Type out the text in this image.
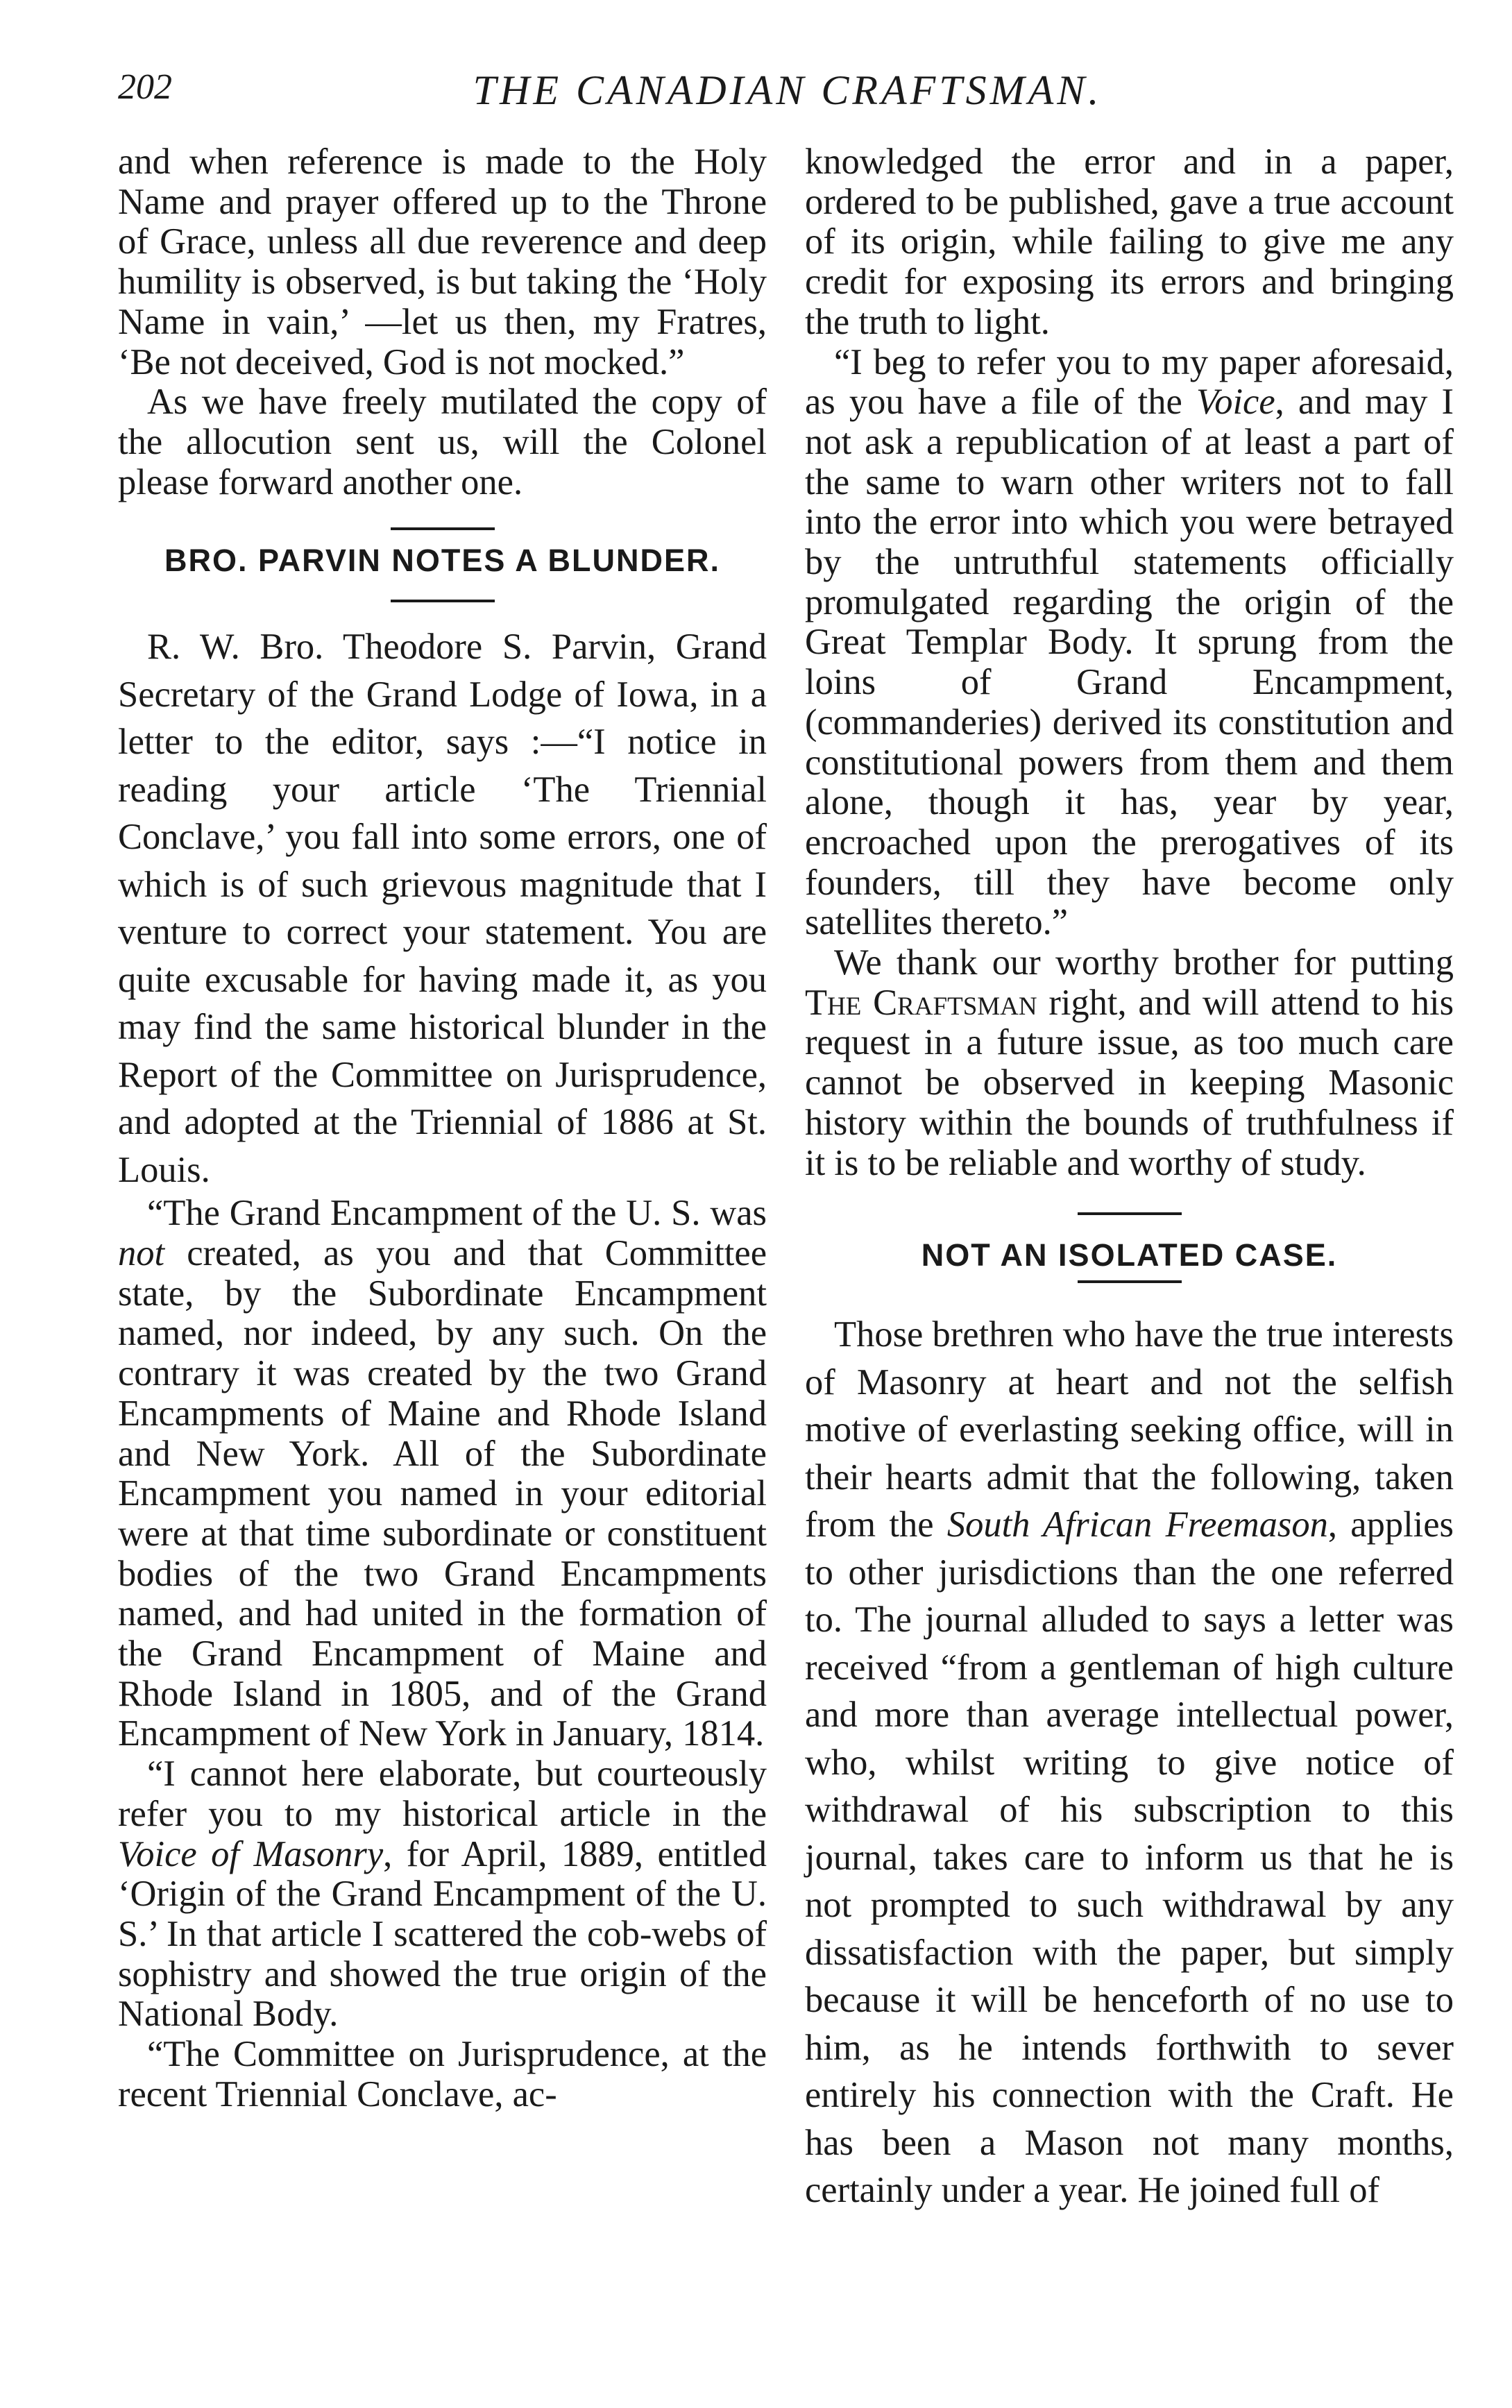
202	THE CANADIAN CRAFTSMAN.

and when reference is made to the Holy Name and prayer offered up to the Throne of Grace, unless all due reverence and deep humility is observed, is but taking the ‘Holy Name in vain,’ —let us then, my Fratres, ‘Be not deceived, God is not mocked.”

As we have freely mutilated the copy of the allocution sent us, will the Colonel please forward another one.

BRO. PARVIN NOTES A BLUNDER.

R. W. Bro. Theodore S. Parvin, Grand Secretary of the Grand Lodge of Iowa, in a letter to the editor, says :—“I notice in reading your article ‘The Triennial Conclave,’ you fall into some errors, one of which is of such grievous magnitude that I venture to correct your statement. You are quite excusable for having made it, as you may find the same historical blunder in the Report of the Committee on Jurisprudence, and adopted at the Triennial of 1886 at St. Louis.

“The Grand Encampment of the U. S. was not created, as you and that Committee state, by the Subordinate Encampment named, nor indeed, by any such. On the contrary it was created by the two Grand Encampments of Maine and Rhode Island and New York. All of the Subordinate Encampment you named in your editorial were at that time subordinate or constituent bodies of the two Grand Encampments named, and had united in the formation of the Grand Encampment of Maine and Rhode Island in 1805, and of the Grand Encampment of New York in January, 1814.

“I cannot here elaborate, but courteously refer you to my historical article in the Voice of Masonry, for April, 1889, entitled ‘Origin of the Grand Encampment of the U. S.’ In that article I scattered the cob-webs of sophistry and showed the true origin of the National Body.

“The Committee on Jurisprudence, at the recent Triennial Conclave, ac-

knowledged the error and in a paper, ordered to be published, gave a true account of its origin, while failing to give me any credit for exposing its errors and bringing the truth to light.

“I beg to refer you to my paper aforesaid, as you have a file of the Voice, and may I not ask a republication of at least a part of the same to warn other writers not to fall into the error into which you were betrayed by the untruthful statements officially promulgated regarding the origin of the Great Templar Body. It sprung from the loins of Grand Encampment, (commanderies) derived its constitution and constitutional powers from them and them alone, though it has, year by year, encroached upon the prerogatives of its founders, till they have become only satellites thereto.”

We thank our worthy brother for putting The Craftsman right, and will attend to his request in a future issue, as too much care cannot be observed in keeping Masonic history within the bounds of truthfulness if it is to be reliable and worthy of study.

NOT AN ISOLATED CASE.

Those brethren who have the true interests of Masonry at heart and not the selfish motive of everlasting seeking office, will in their hearts admit that the following, taken from the South African Freemason, applies to other jurisdictions than the one referred to. The journal alluded to says a letter was received “from a gentleman of high culture and more than average intellectual power, who, whilst writing to give notice of withdrawal of his subscription to this journal, takes care to inform us that he is not prompted to such withdrawal by any dissatisfaction with the paper, but simply because it will be henceforth of no use to him, as he intends forthwith to sever entirely his connection with the Craft. He has been a Mason not many months, certainly under a year. He joined full of
